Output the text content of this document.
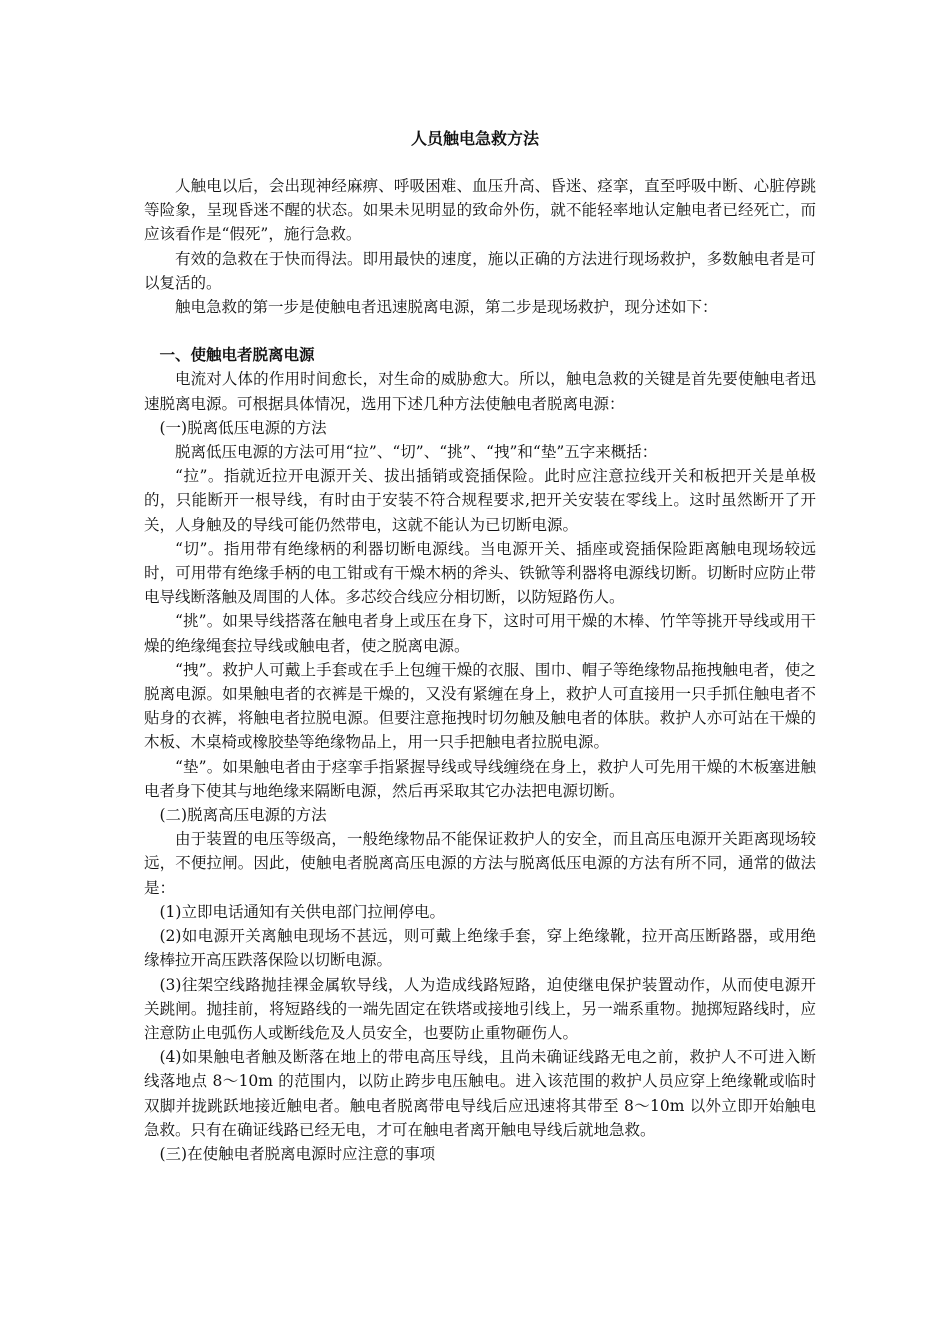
人员触电急救方法

人触电以后，会出现神经麻痹、呼吸困难、血压升高、昏迷、痉挛，直至呼吸中断、心脏停跳等险象，呈现昏迷不醒的状态。如果未见明显的致命外伤，就不能轻率地认定触电者已经死亡，而应该看作是“假死”，施行急救。

有效的急救在于快而得法。即用最快的速度，施以正确的方法进行现场救护，多数触电者是可以复活的。

触电急救的第一步是使触电者迅速脱离电源，第二步是现场救护，现分述如下：

一、使触电者脱离电源

电流对人体的作用时间愈长，对生命的威胁愈大。所以，触电急救的关键是首先要使触电者迅速脱离电源。可根据具体情况，选用下述几种方法使触电者脱离电源：

(一)脱离低压电源的方法

脱离低压电源的方法可用“拉”、“切”、“挑”、“拽”和“垫”五字来概括：

“拉”。指就近拉开电源开关、拔出插销或瓷插保险。此时应注意拉线开关和板把开关是单极的，只能断开一根导线，有时由于安装不符合规程要求,把开关安装在零线上。这时虽然断开了开关，人身触及的导线可能仍然带电，这就不能认为已切断电源。

“切”。指用带有绝缘柄的利器切断电源线。当电源开关、插座或瓷插保险距离触电现场较远时，可用带有绝缘手柄的电工钳或有干燥木柄的斧头、铁锨等利器将电源线切断。切断时应防止带电导线断落触及周围的人体。多芯绞合线应分相切断，以防短路伤人。

“挑”。如果导线搭落在触电者身上或压在身下，这时可用干燥的木棒、竹竿等挑开导线或用干燥的绝缘绳套拉导线或触电者，使之脱离电源。

“拽”。救护人可戴上手套或在手上包缠干燥的衣服、围巾、帽子等绝缘物品拖拽触电者，使之脱离电源。如果触电者的衣裤是干燥的，又没有紧缠在身上，救护人可直接用一只手抓住触电者不贴身的衣裤，将触电者拉脱电源。但要注意拖拽时切勿触及触电者的体肤。救护人亦可站在干燥的木板、木桌椅或橡胶垫等绝缘物品上，用一只手把触电者拉脱电源。

“垫”。如果触电者由于痉挛手指紧握导线或导线缠绕在身上，救护人可先用干燥的木板塞进触电者身下使其与地绝缘来隔断电源，然后再采取其它办法把电源切断。

(二)脱离高压电源的方法

由于装置的电压等级高，一般绝缘物品不能保证救护人的安全，而且高压电源开关距离现场较远，不便拉闸。因此，使触电者脱离高压电源的方法与脱离低压电源的方法有所不同，通常的做法是：

(1)立即电话通知有关供电部门拉闸停电。

(2)如电源开关离触电现场不甚远，则可戴上绝缘手套，穿上绝缘靴，拉开高压断路器，或用绝缘棒拉开高压跌落保险以切断电源。

(3)往架空线路抛挂裸金属软导线，人为造成线路短路，迫使继电保护装置动作，从而使电源开关跳闸。抛挂前，将短路线的一端先固定在铁塔或接地引线上，另一端系重物。抛掷短路线时，应注意防止电弧伤人或断线危及人员安全，也要防止重物砸伤人。

(4)如果触电者触及断落在地上的带电高压导线，且尚未确证线路无电之前，救护人不可进入断线落地点 8～10m 的范围内，以防止跨步电压触电。进入该范围的救护人员应穿上绝缘靴或临时双脚并拢跳跃地接近触电者。触电者脱离带电导线后应迅速将其带至 8～10m 以外立即开始触电急救。只有在确证线路已经无电，才可在触电者离开触电导线后就地急救。

(三)在使触电者脱离电源时应注意的事项
